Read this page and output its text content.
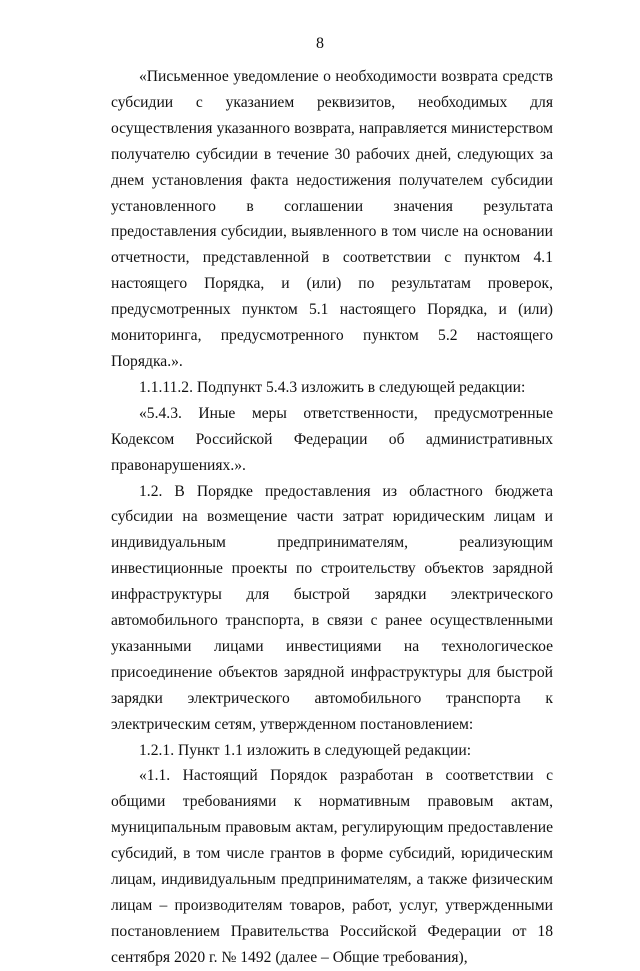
8

«Письменное уведомление о необходимости возврата средств субсидии с указанием реквизитов, необходимых для осуществления указанного возврата, направляется министерством получателю субсидии в течение 30 рабочих дней, следующих за днем установления факта недостижения получателем субсидии установленного в соглашении значения результата предоставления субсидии, выявленного в том числе на основании отчетности, представленной в соответствии с пунктом 4.1 настоящего Порядка, и (или) по результатам проверок, предусмотренных пунктом 5.1 настоящего Порядка, и (или) мониторинга, предусмотренного пунктом 5.2 настоящего Порядка.».

1.1.11.2. Подпункт 5.4.3 изложить в следующей редакции:

«5.4.3. Иные меры ответственности, предусмотренные Кодексом Российской Федерации об административных правонарушениях.».

1.2. В Порядке предоставления из областного бюджета субсидии на возмещение части затрат юридическим лицам и индивидуальным предпринимателям, реализующим инвестиционные проекты по строительству объектов зарядной инфраструктуры для быстрой зарядки электрического автомобильного транспорта, в связи с ранее осуществленными указанными лицами инвестициями на технологическое присоединение объектов зарядной инфраструктуры для быстрой зарядки электрического автомобильного транспорта к электрическим сетям, утвержденном постановлением:

1.2.1. Пункт 1.1 изложить в следующей редакции:

«1.1. Настоящий Порядок разработан в соответствии с общими требованиями к нормативным правовым актам, муниципальным правовым актам, регулирующим предоставление субсидий, в том числе грантов в форме субсидий, юридическим лицам, индивидуальным предпринимателям, а также физическим лицам – производителям товаров, работ, услуг, утвержденными постановлением Правительства Российской Федерации от 18 сентября 2020 г. № 1492 (далее – Общие требования),
